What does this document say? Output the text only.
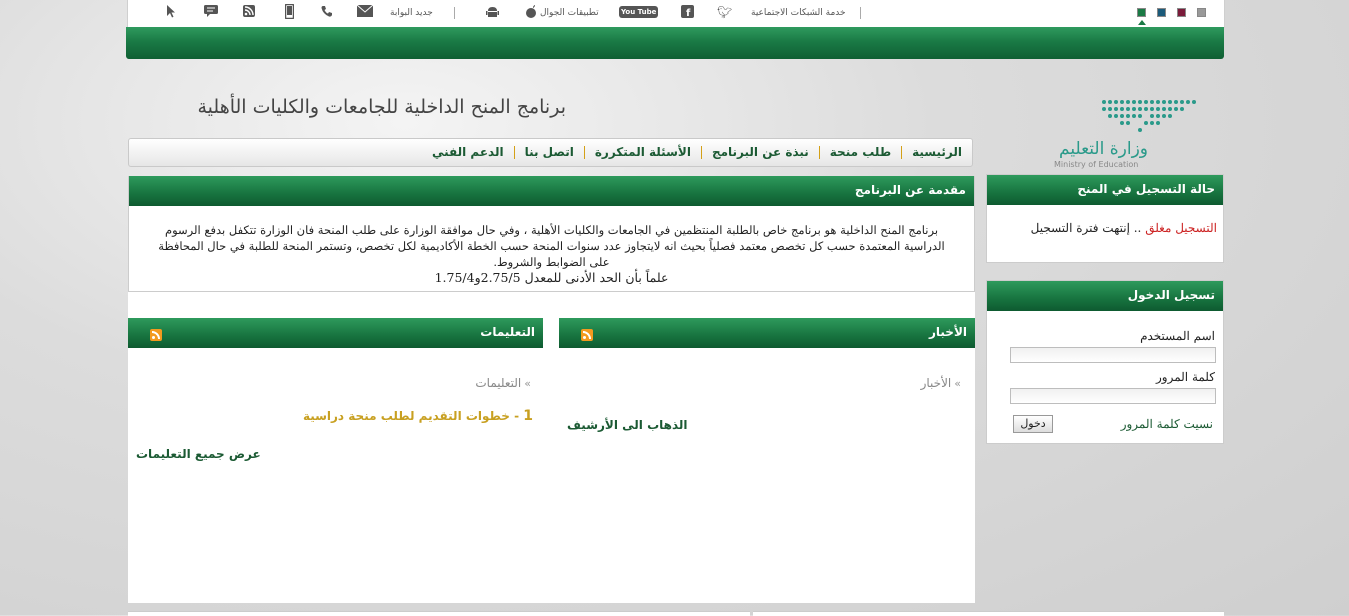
خدمة الشبكات الاجتماعية
🐦︎
f
You Tube
تطبيقات الجوال
جديد البوابة
برنامج المنح الداخلية للجامعات والكليات الأهلية
وزارة التعليم
Ministry of Education
الرئيسية
طلب منحة
نبذة عن البرنامج
الأسئلة المتكررة
اتصل بنا
الدعم الفني
مقدمة عن البرنامج
برنامج المنح الداخلية هو برنامج خاص بالطلبة المنتظمين في الجامعات والكليات الأهلية ، وفي حال موافقة الوزارة على طلب المنحة فان الوزارة تتكفل بدفع الرسوم
الدراسية المعتمدة حسب كل تخصص معتمد فصلياً بحيث انه لايتجاوز عدد سنوات المنحة حسب الخطة الأكاديمية لكل تخصص، وتستمر المنحة للطلبة في حال المحافظة
على الضوابط والشروط.
علماً بأن الحد الأدنى للمعدل 2.75/5و1.75/4
التعليمات
»التعليمات
1 - خطوات التقديم لطلب منحة دراسية
عرض جميع التعليمات
الأخبار
»الأخبار
الذهاب الى الأرشيف
حالة التسجيل في المنح
التسجيل مغلق .. إنتهت فترة التسجيل
تسجيل الدخول
اسم المستخدم
كلمة المرور
نسيت كلمة المرور
دخول
